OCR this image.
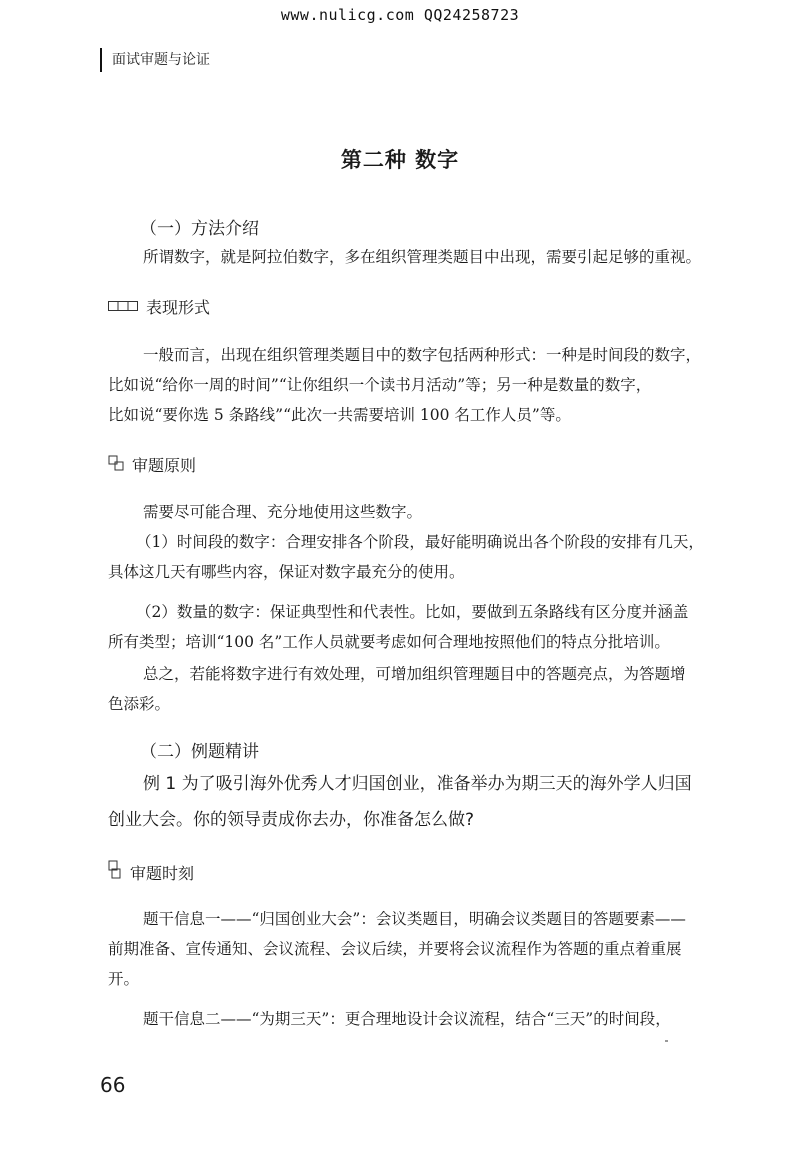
www.nulicg.com QQ24258723
面试审题与论证
第二种 数字
（一）方法介绍
所谓数字，就是阿拉伯数字，多在组织管理类题目中出现，需要引起足够的重视。
表现形式
一般而言，出现在组织管理类题目中的数字包括两种形式：一种是时间段的数字，
比如说“给你一周的时间”“让你组织一个读书月活动”等；另一种是数量的数字，
比如说“要你选 5 条路线”“此次一共需要培训 100 名工作人员”等。
审题原则
需要尽可能合理、充分地使用这些数字。
（1）时间段的数字：合理安排各个阶段，最好能明确说出各个阶段的安排有几天，
具体这几天有哪些内容，保证对数字最充分的使用。
（2）数量的数字：保证典型性和代表性。比如，要做到五条路线有区分度并涵盖
所有类型；培训“100 名”工作人员就要考虑如何合理地按照他们的特点分批培训。
总之，若能将数字进行有效处理，可增加组织管理题目中的答题亮点，为答题增
色添彩。
（二）例题精讲
例 1 为了吸引海外优秀人才归国创业，准备举办为期三天的海外学人归国
创业大会。你的领导责成你去办，你准备怎么做?
审题时刻
题干信息一——“归国创业大会”：会议类题目，明确会议类题目的答题要素——
前期准备、宣传通知、会议流程、会议后续，并要将会议流程作为答题的重点着重展
开。
题干信息二——“为期三天”：更合理地设计会议流程，结合“三天”的时间段，
66
